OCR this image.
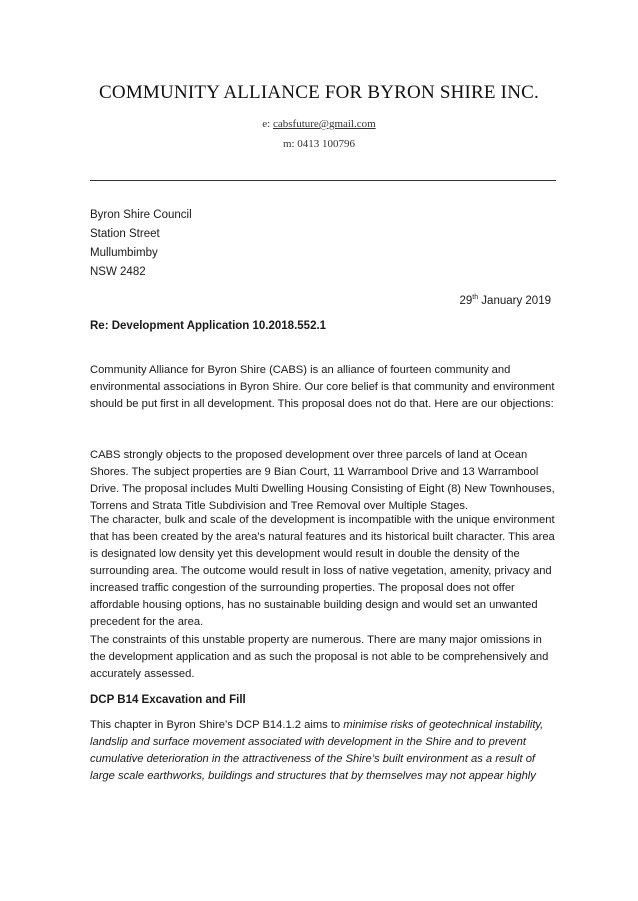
COMMUNITY ALLIANCE FOR BYRON SHIRE INC.
e: cabsfuture@gmail.com
m: 0413 100796
Byron Shire Council
Station Street
Mullumbimby
NSW 2482
29th January 2019
Re: Development Application 10.2018.552.1
Community Alliance for Byron Shire (CABS) is an alliance of fourteen community and environmental associations in Byron Shire. Our core belief is that community and environment should be put first in all development. This proposal does not do that. Here are our objections:
CABS strongly objects to the proposed development over three parcels of land at Ocean Shores. The subject properties are 9 Bian Court, 11 Warrambool Drive and 13 Warrambool Drive. The proposal includes Multi Dwelling Housing Consisting of Eight (8) New Townhouses, Torrens and Strata Title Subdivision and Tree Removal over Multiple Stages.
The character, bulk and scale of the development is incompatible with the unique environment that has been created by the area’s natural features and its historical built character. This area is designated low density yet this development would result in double the density of the surrounding area. The outcome would result in loss of native vegetation, amenity, privacy and increased traffic congestion of the surrounding properties. The proposal does not offer affordable housing options, has no sustainable building design and would set an unwanted precedent for the area.
The constraints of this unstable property are numerous. There are many major omissions in the development application and as such the proposal is not able to be comprehensively and accurately assessed.
DCP B14 Excavation and Fill
This chapter in Byron Shire’s DCP B14.1.2 aims to minimise risks of geotechnical instability, landslip and surface movement associated with development in the Shire and to prevent cumulative deterioration in the attractiveness of the Shire’s built environment as a result of large scale earthworks, buildings and structures that by themselves may not appear highly
